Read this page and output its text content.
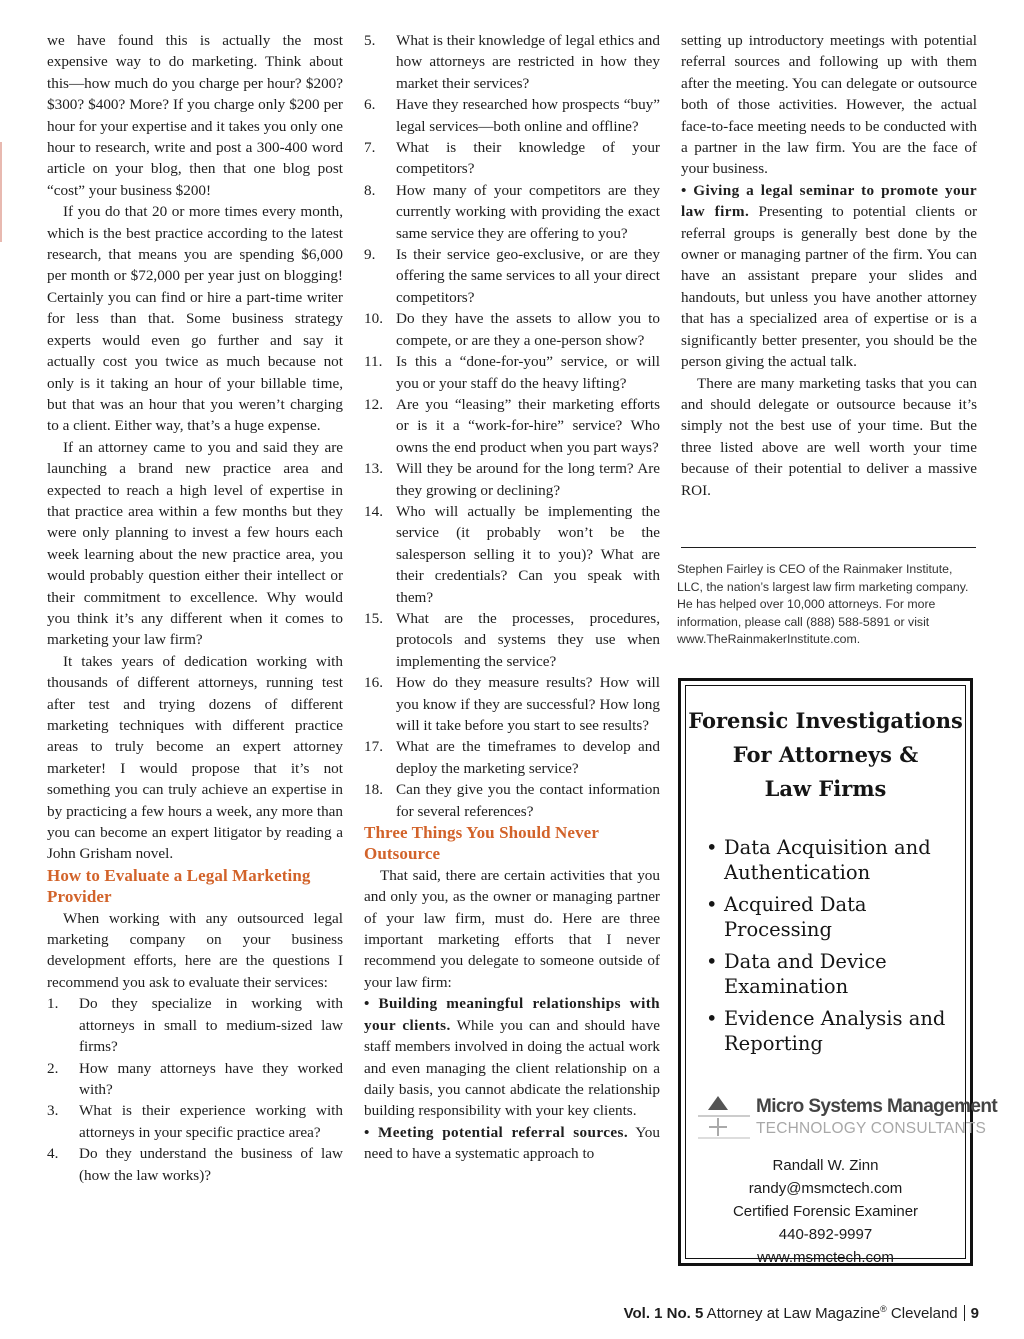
we have found this is actually the most expensive way to do marketing. Think about this—how much do you charge per hour? $200? $300? $400? More? If you charge only $200 per hour for your expertise and it takes you only one hour to research, write and post a 300-400 word article on your blog, then that one blog post “cost” your business $200!

If you do that 20 or more times every month, which is the best practice according to the latest research, that means you are spending $6,000 per month or $72,000 per year just on blogging! Certainly you can find or hire a part-time writer for less than that. Some business strategy experts would even go further and say it actually cost you twice as much because not only is it taking an hour of your billable time, but that was an hour that you weren’t charging to a client. Either way, that’s a huge expense.

If an attorney came to you and said they are launching a brand new practice area and expected to reach a high level of expertise in that practice area within a few months but they were only planning to invest a few hours each week learning about the new practice area, you would probably question either their intellect or their commitment to excellence. Why would you think it’s any different when it comes to marketing your law firm?

It takes years of dedication working with thousands of different attorneys, running test after test and trying dozens of different marketing techniques with different practice areas to truly become an expert attorney marketer! I would propose that it’s not something you can truly achieve an expertise in by practicing a few hours a week, any more than you can become an expert litigator by reading a John Grisham novel.

How to Evaluate a Legal Marketing Provider

When working with any outsourced legal marketing company on your business development efforts, here are the questions I recommend you ask to evaluate their services:

1.	Do they specialize in working with attorneys in small to medium-sized law firms?
2.	How many attorneys have they worked with?
3.	What is their experience working with attorneys in your specific practice area?
4.	Do they understand the business of law (how the law works)?
5.	What is their knowledge of legal ethics and how attorneys are restricted in how they market their services?
6.	Have they researched how prospects “buy” legal services—both online and offline?
7.	What is their knowledge of your competitors?
8.	How many of your competitors are they currently working with providing the exact same service they are offering to you?
9.	Is their service geo-exclusive, or are they offering the same services to all your direct competitors?
10. Do they have the assets to allow you to compete, or are they a one-person show?
11. Is this a “done-for-you” service, or will you or your staff do the heavy lifting?
12. Are you “leasing” their marketing efforts or is it a “work-for-hire” service? Who owns the end product when you part ways?
13. Will they be around for the long term? Are they growing or declining?
14. Who will actually be implementing the service (it probably won’t be the salesperson selling it to you)? What are their credentials? Can you speak with them?
15. What are the processes, procedures, protocols and systems they use when implementing the service?
16. How do they measure results? How will you know if they are successful? How long will it take before you start to see results?
17. What are the timeframes to develop and deploy the marketing service?
18. Can they give you the contact information for several references?
Three Things You Should Never Outsource

That said, there are certain activities that you and only you, as the owner or managing partner of your law firm, must do. Here are three important marketing efforts that I never recommend you delegate to someone outside of your law firm:

• Building meaningful relationships with your clients. While you can and should have staff members involved in doing the actual work and even managing the client relationship on a daily basis, you cannot abdicate the relationship building responsibility with your key clients.

• Meeting potential referral sources. You need to have a systematic approach to

setting up introductory meetings with potential referral sources and following up with them after the meeting. You can delegate or outsource both of those activities. However, the actual face-to-face meeting needs to be conducted with a partner in the law firm. You are the face of your business.

• Giving a legal seminar to promote your law firm. Presenting to potential clients or referral groups is generally best done by the owner or managing partner of the firm. You can have an assistant prepare your slides and handouts, but unless you have another attorney that has a specialized area of expertise or is a significantly better presenter, you should be the person giving the actual talk.

There are many marketing tasks that you can and should delegate or outsource because it’s simply not the best use of your time. But the three listed above are well worth your time because of their potential to deliver a massive ROI.

Stephen Fairley is CEO of the Rainmaker Institute, LLC, the nation’s largest law firm marketing company. He has helped over 10,000 attorneys. For more information, please call (888) 588-5891 or visit www.TheRainmakerInstitute.com.
Forensic Investigations
For Attorneys &
Law Firms
• Data Acquisition and Authentication
• Acquired Data Processing
• Data and Device Examination
• Evidence Analysis and Reporting
Micro Systems Management
TECHNOLOGY CONSULTANTS
Randall W. Zinn
randy@msmctech.com
Certified Forensic Examiner
440-892-9997
www.msmctech.com
Vol. 1 No. 5 Attorney at Law Magazine® Cleveland 9
